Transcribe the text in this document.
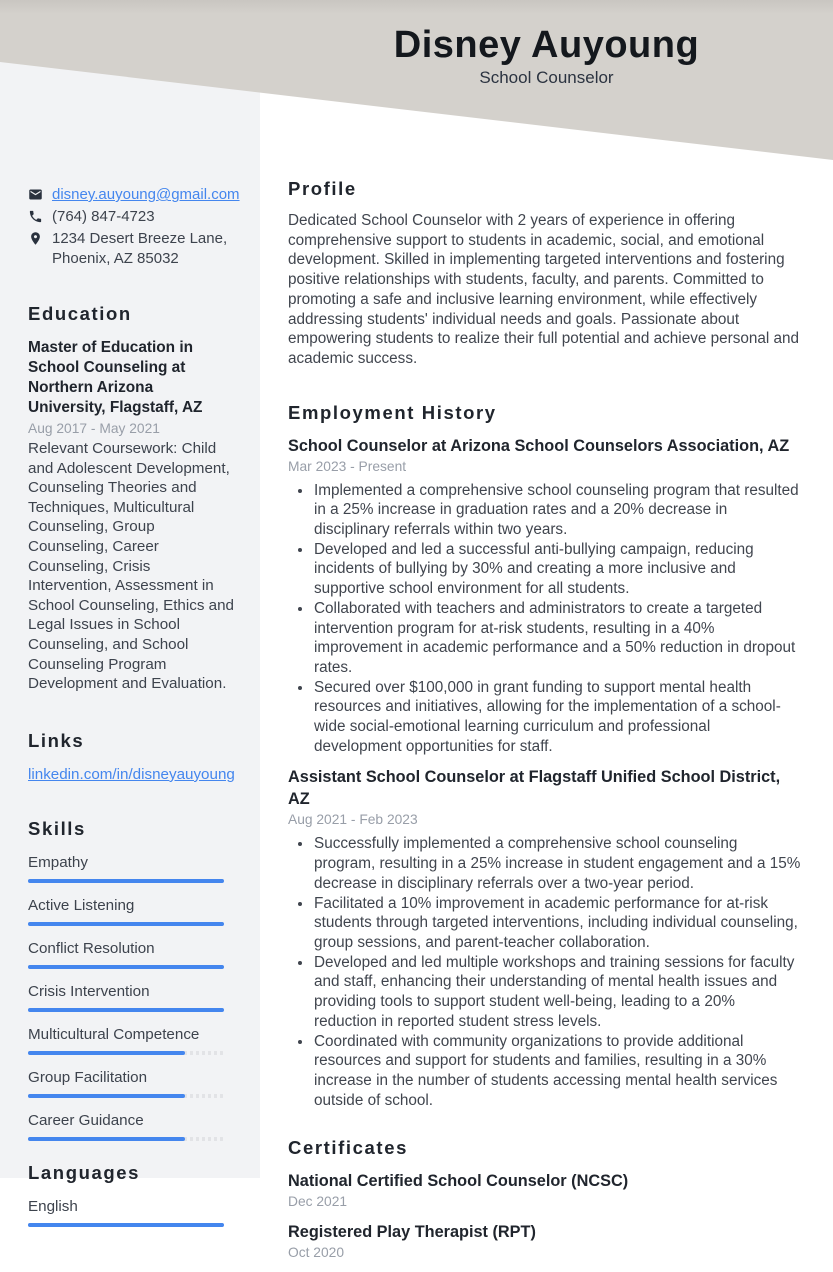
disney.auyoung@gmail.com
(764) 847-4723
1234 Desert Breeze Lane,
Phoenix, AZ 85032
Education

Master of Education in School Counseling at Northern Arizona University, Flagstaff, AZ

Aug 2017 - May 2021

Relevant Coursework: Child and Adolescent Development, Counseling Theories and Techniques, Multicultural Counseling, Group Counseling, Career Counseling, Crisis Intervention, Assessment in School Counseling, Ethics and Legal Issues in School Counseling, and School Counseling Program Development and Evaluation.

Links
linkedin.com/in/disneyauyoung
Skills
Empathy
Active Listening
Conflict Resolution
Crisis Intervention
Multicultural Competence
Group Facilitation
Career Guidance
Languages
English
Disney Auyoung
School Counselor
Profile

Dedicated School Counselor with 2 years of experience in offering comprehensive support to students in academic, social, and emotional development. Skilled in implementing targeted interventions and fostering positive relationships with students, faculty, and parents. Committed to promoting a safe and inclusive learning environment, while effectively addressing students' individual needs and goals. Passionate about empowering students to realize their full potential and achieve personal and academic success.

Employment History

School Counselor at Arizona School Counselors Association, AZ

Mar 2023 - Present

• Implemented a comprehensive school counseling program that resulted in a 25% increase in graduation rates and a 20% decrease in disciplinary referrals within two years.
• Developed and led a successful anti-bullying campaign, reducing incidents of bullying by 30% and creating a more inclusive and supportive school environment for all students.
• Collaborated with teachers and administrators to create a targeted intervention program for at-risk students, resulting in a 40% improvement in academic performance and a 50% reduction in dropout rates.
• Secured over $100,000 in grant funding to support mental health resources and initiatives, allowing for the implementation of a school-wide social-emotional learning curriculum and professional development opportunities for staff.

Assistant School Counselor at Flagstaff Unified School District, AZ

Aug 2021 - Feb 2023

• Successfully implemented a comprehensive school counseling program, resulting in a 25% increase in student engagement and a 15% decrease in disciplinary referrals over a two-year period.
• Facilitated a 10% improvement in academic performance for at-risk students through targeted interventions, including individual counseling, group sessions, and parent-teacher collaboration.
• Developed and led multiple workshops and training sessions for faculty and staff, enhancing their understanding of mental health issues and providing tools to support student well-being, leading to a 20% reduction in reported student stress levels.
• Coordinated with community organizations to provide additional resources and support for students and families, resulting in a 30% increase in the number of students accessing mental health services outside of school.
Certificates

National Certified School Counselor (NCSC)

Dec 2021

Registered Play Therapist (RPT)

Oct 2020
